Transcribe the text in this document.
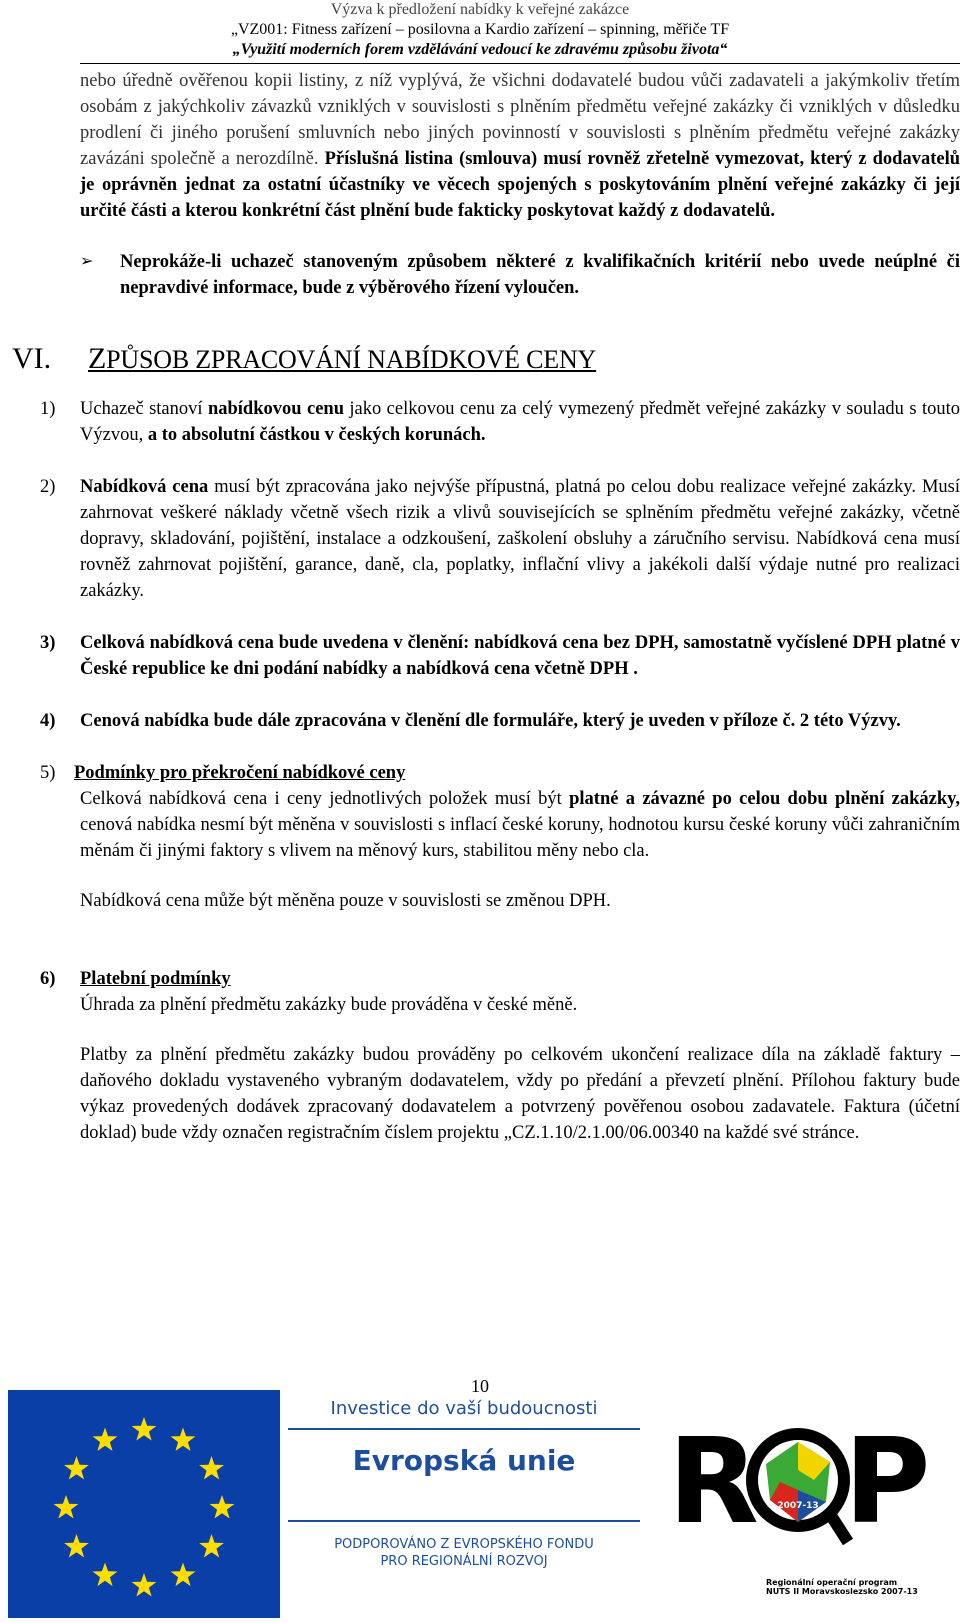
Výzva k předložení nabídky k veřejné zakázce
„VZ001: Fitness zařízení – posilovna a Kardio zařízení – spinning, měřiče TF
„Využití moderních forem vzdělávání vedoucí ke zdravému způsobu života“
nebo úředně ověřenou kopii listiny, z níž vyplývá, že všichni dodavatelé budou vůči zadavateli a jakýmkoliv třetím osobám z jakýchkoliv závazků vzniklých v souvislosti s plněním předmětu veřejné zakázky či vzniklých v důsledku prodlení či jiného porušení smluvních nebo jiných povinností v souvislosti s plněním předmětu veřejné zakázky zavázáni společně a nerozdílně. Příslušná listina (smlouva) musí rovněž zřetelně vymezovat, který z dodavatelů je oprávněn jednat za ostatní účastníky ve věcech spojených s poskytováním plnění veřejné zakázky či její určité části a kterou konkrétní část plnění bude fakticky poskytovat každý z dodavatelů.
➢	Neprokáže-li uchazeč stanoveným způsobem některé z kvalifikačních kritérií nebo uvede neúplné či nepravdivé informace, bude z výběrového řízení vyloučen.
VI.	ZPŮSOB ZPRACOVÁNÍ NABÍDKOVÉ CENY
1)	Uchazeč stanoví nabídkovou cenu jako celkovou cenu za celý vymezený předmět veřejné zakázky v souladu s touto Výzvou, a to absolutní částkou v českých korunách.
2)	Nabídková cena musí být zpracována jako nejvýše přípustná, platná po celou dobu realizace veřejné zakázky. Musí zahrnovat veškeré náklady včetně všech rizik a vlivů souvisejících se splněním předmětu veřejné zakázky, včetně dopravy, skladování, pojištění, instalace a odzkoušení, zaškolení obsluhy a záručního servisu. Nabídková cena musí rovněž zahrnovat pojištění, garance, daně, cla, poplatky, inflační vlivy a jakékoli další výdaje nutné pro realizaci zakázky.
3)	Celková nabídková cena bude uvedena v členění: nabídková cena bez DPH, samostatně vyčíslené DPH platné v České republice ke dni podání nabídky a nabídková cena včetně DPH .
4)	Cenová nabídka bude dále zpracována v členění dle formuláře, který je uveden v příloze č. 2 této Výzvy.
5)	Podmínky pro překročení nabídkové ceny
Celková nabídková cena i ceny jednotlivých položek musí být platné a závazné po celou dobu plnění zakázky, cenová nabídka nesmí být měněna v souvislosti s inflací české koruny, hodnotou kursu české koruny vůči zahraničním měnám či jinými faktory s vlivem na měnový kurs, stabilitou měny nebo cla.
Nabídková cena může být měněna pouze v souvislosti se změnou DPH.
6)	Platební podmínky
Úhrada za plnění předmětu zakázky bude prováděna v české měně.
Platby za plnění předmětu zakázky budou prováděny po celkovém ukončení realizace díla na základě faktury – daňového dokladu vystaveného vybraným dodavatelem, vždy po předání a převzetí plnění. Přílohou faktury bude výkaz provedených dodávek zpracovaný dodavatelem a potvrzený pověřenou osobou zadavatele. Faktura (účetní doklad) bude vždy označen registračním číslem projektu „CZ.1.10/2.1.00/06.00340 na každé své stránce.
10
Investice do vaší budoucnosti
Evropská unie
PODPOROVÁNO Z EVROPSKÉHO FONDU
PRO REGIONÁLNÍ ROZVOJ
R 2007-13 P
Regionální operační program
NUTS II Moravskoslezsko 2007-13
